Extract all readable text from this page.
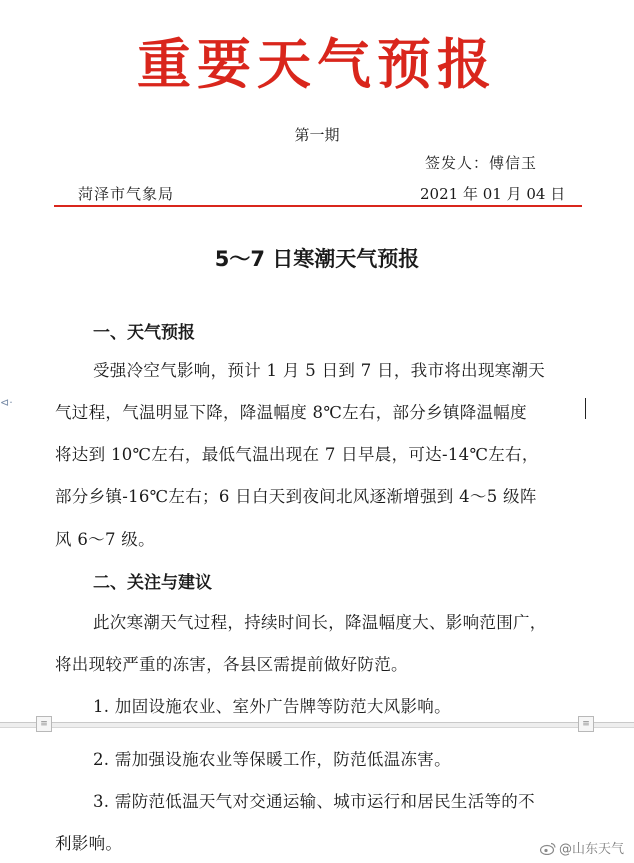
重要天气预报
第一期
签发人：傅信玉
菏泽市气象局	2021 年 01 月 04 日
⊲·
5～7 日寒潮天气预报
一、天气预报
受强冷空气影响，预计 1 月 5 日到 7 日，我市将出现寒潮天
气过程，气温明显下降，降温幅度 8℃左右，部分乡镇降温幅度
将达到 10℃左右，最低气温出现在 7 日早晨，可达-14℃左右，
部分乡镇-16℃左右；6 日白天到夜间北风逐渐增强到 4～5 级阵
风 6～7 级。
二、关注与建议
此次寒潮天气过程，持续时间长，降温幅度大、影响范围广，
将出现较严重的冻害，各县区需提前做好防范。
1. 加固设施农业、室外广告牌等防范大风影响。
≡	≡
2. 需加强设施农业等保暖工作，防范低温冻害。
3. 需防范低温天气对交通运输、城市运行和居民生活等的不
利影响。	@山东天气
